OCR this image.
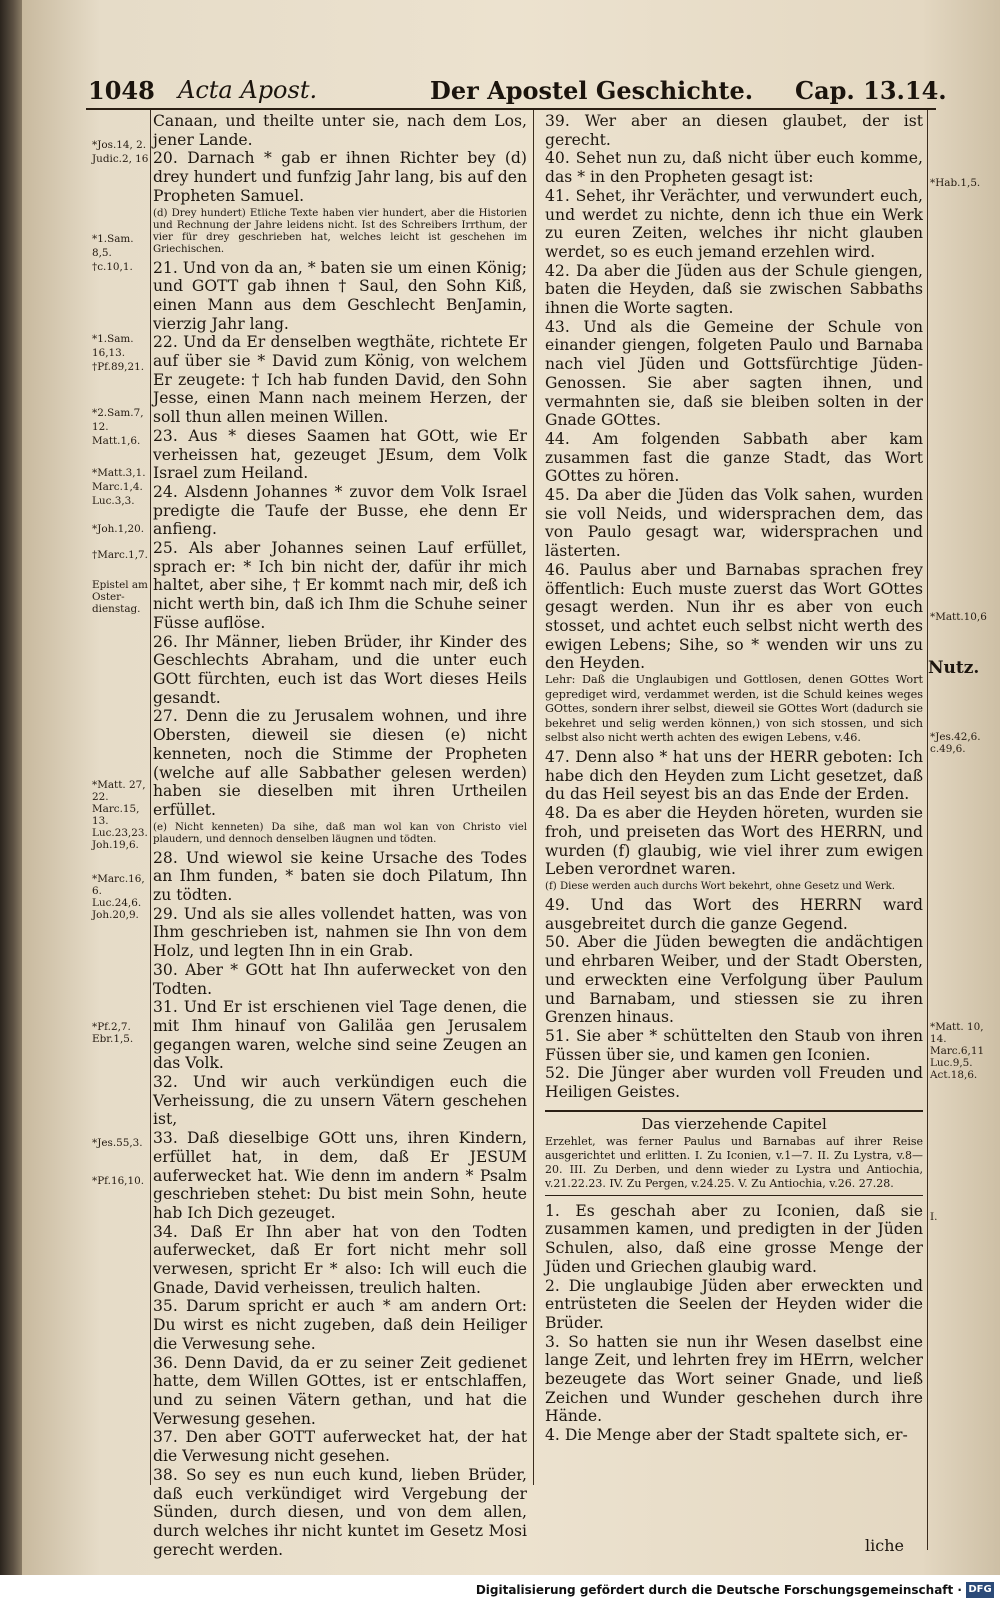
1048 Acta Apost.	Der Apostel Geschichte. Cap. 13.14.

Canaan, und theilte unter sie, nach dem Los, jener Lande.

20. Darnach * gab er ihnen Richter bey (d) drey hundert und funfzig Jahr lang, bis auf den Propheten Samuel.

(d) Drey hundert) Etliche Texte haben vier hundert, aber die Historien und Rechnung der Jahre leidens nicht. Ist des Schreibers Irrthum, der vier für drey geschrieben hat, welches leicht ist geschehen im Griechischen.

21. Und von da an, * baten sie um einen König; und GOTT gab ihnen † Saul, den Sohn Kiß, einen Mann aus dem Geschlecht BenJamin, vierzig Jahr lang.

22. Und da Er denselben wegthäte, richtete Er auf über sie * David zum König, von welchem Er zeugete: † Ich hab funden David, den Sohn Jesse, einen Mann nach meinem Herzen, der soll thun allen meinen Willen.

23. Aus * dieses Saamen hat GOtt, wie Er verheissen hat, gezeuget JEsum, dem Volk Israel zum Heiland.

24. Alsdenn Johannes * zuvor dem Volk Israel predigte die Taufe der Busse, ehe denn Er anfieng.

25. Als aber Johannes seinen Lauf erfüllet, sprach er: * Ich bin nicht der, dafür ihr mich haltet, aber sihe, † Er kommt nach mir, deß ich nicht werth bin, daß ich Ihm die Schuhe seiner Füsse auflöse.

26. Ihr Männer, lieben Brüder, ihr Kinder des Geschlechts Abraham, und die unter euch GOtt fürchten, euch ist das Wort dieses Heils gesandt.

27. Denn die zu Jerusalem wohnen, und ihre Obersten, dieweil sie diesen (e) nicht kenneten, noch die Stimme der Propheten (welche auf alle Sabbather gelesen werden) haben sie dieselben mit ihren Urtheilen erfüllet.

(e) Nicht kenneten) Da sihe, daß man wol kan von Christo viel plaudern, und dennoch denselben läugnen und tödten.

28. Und wiewol sie keine Ursache des Todes an Ihm funden, * baten sie doch Pilatum, Ihn zu tödten.

29. Und als sie alles vollendet hatten, was von Ihm geschrieben ist, nahmen sie Ihn von dem Holz, und legten Ihn in ein Grab.

30. Aber * GOtt hat Ihn auferwecket von den Todten.

31. Und Er ist erschienen viel Tage denen, die mit Ihm hinauf von Galiläa gen Jerusalem gegangen waren, welche sind seine Zeugen an das Volk.

32. Und wir auch verkündigen euch die Verheissung, die zu unsern Vätern geschehen ist,

33. Daß dieselbige GOtt uns, ihren Kindern, erfüllet hat, in dem, daß Er JESUM auferwecket hat. Wie denn im andern * Psalm geschrieben stehet: Du bist mein Sohn, heute hab Ich Dich gezeuget.

34. Daß Er Ihn aber hat von den Todten auferwecket, daß Er fort nicht mehr soll verwesen, spricht Er * also: Ich will euch die Gnade, David verheissen, treulich halten.

35. Darum spricht er auch * am andern Ort: Du wirst es nicht zugeben, daß dein Heiliger die Verwesung sehe.

36. Denn David, da er zu seiner Zeit gedienet hatte, dem Willen GOttes, ist er entschlaffen, und zu seinen Vätern gethan, und hat die Verwesung gesehen.

37. Den aber GOTT auferwecket hat, der hat die Verwesung nicht gesehen.

38. So sey es nun euch kund, lieben Brüder, daß euch verkündiget wird Vergebung der Sünden, durch diesen, und von dem allen, durch welches ihr nicht kuntet im Gesetz Mosi gerecht werden.

39. Wer aber an diesen glaubet, der ist gerecht.

40. Sehet nun zu, daß nicht über euch komme, das * in den Propheten gesagt ist:

41. Sehet, ihr Verächter, und verwundert euch, und werdet zu nichte, denn ich thue ein Werk zu euren Zeiten, welches ihr nicht glauben werdet, so es euch jemand erzehlen wird.

42. Da aber die Jüden aus der Schule giengen, baten die Heyden, daß sie zwischen Sabbaths ihnen die Worte sagten.

43. Und als die Gemeine der Schule von einander giengen, folgeten Paulo und Barnaba nach viel Jüden und Gottsfürchtige Jüden-Genossen. Sie aber sagten ihnen, und vermahnten sie, daß sie bleiben solten in der Gnade GOttes.

44. Am folgenden Sabbath aber kam zusammen fast die ganze Stadt, das Wort GOttes zu hören.

45. Da aber die Jüden das Volk sahen, wurden sie voll Neids, und widersprachen dem, das von Paulo gesagt war, widersprachen und lästerten.

46. Paulus aber und Barnabas sprachen frey öffentlich: Euch muste zuerst das Wort GOttes gesagt werden. Nun ihr es aber von euch stosset, und achtet euch selbst nicht werth des ewigen Lebens; Sihe, so * wenden wir uns zu den Heyden.

Lehr: Daß die Unglaubigen und Gottlosen, denen GOttes Wort geprediget wird, verdammet werden, ist die Schuld keines weges GOttes, sondern ihrer selbst, dieweil sie GOttes Wort (dadurch sie bekehret und selig werden können,) von sich stossen, und sich selbst also nicht werth achten des ewigen Lebens, v.46.

47. Denn also * hat uns der HERR geboten: Ich habe dich den Heyden zum Licht gesetzet, daß du das Heil seyest bis an das Ende der Erden.

48. Da es aber die Heyden höreten, wurden sie froh, und preiseten das Wort des HERRN, und wurden (f) glaubig, wie viel ihrer zum ewigen Leben verordnet waren.

(f) Diese werden auch durchs Wort bekehrt, ohne Gesetz und Werk.

49. Und das Wort des HERRN ward ausgebreitet durch die ganze Gegend.

50. Aber die Jüden bewegten die andächtigen und ehrbaren Weiber, und der Stadt Obersten, und erweckten eine Verfolgung über Paulum und Barnabam, und stiessen sie zu ihren Grenzen hinaus.

51. Sie aber * schüttelten den Staub von ihren Füssen über sie, und kamen gen Iconien.

52. Die Jünger aber wurden voll Freuden und Heiligen Geistes.

Das vierzehende Capitel
Erzehlet, was ferner Paulus und Barnabas auf ihrer Reise ausgerichtet und erlitten. I. Zu Iconien, v.1—7. II. Zu Lystra, v.8—20. III. Zu Derben, und denn wieder zu Lystra und Antiochia, v.21.22.23. IV. Zu Pergen, v.24.25. V. Zu Antiochia, v.26. 27.28.

1. Es geschah aber zu Iconien, daß sie zusammen kamen, und predigten in der Jüden Schulen, also, daß eine grosse Menge der Jüden und Griechen glaubig ward.

2. Die unglaubige Jüden aber erweckten und entrüsteten die Seelen der Heyden wider die Brüder.

3. So hatten sie nun ihr Wesen daselbst eine lange Zeit, und lehrten frey im HErrn, welcher bezeugete das Wort seiner Gnade, und ließ Zeichen und Wunder geschehen durch ihre Hände.

4. Die Menge aber der Stadt spaltete sich, er-

liche
*Jos.14, 2.
Judic.2, 16
*1.Sam.
8,5.
†c.10,1.
*1.Sam.
16,13.
†Pf.89,21.
*2.Sam.7,
12.
Matt.1,6.
*Matt.3,1.
Marc.1,4.
Luc.3,3.
*Joh.1,20.
†Marc.1,7.
Epistel am
Oster-
dienstag.
*Matt. 27,
22.
Marc.15,
13.
Luc.23,23.
Joh.19,6.
*Marc.16,
6.
Luc.24,6.
Joh.20,9.
*Pf.2,7.
Ebr.1,5.
*Jes.55,3.
*Pf.16,10.
*Hab.1,5.
*Matt.10,6
Nutz.
*Jes.42,6.
c.49,6.
*Matt. 10,
14.
Marc.6,11
Luc.9,5.
Act.18,6.
I.
Digitalisierung gefördert durch die Deutsche Forschungsgemeinschaft · DFG
